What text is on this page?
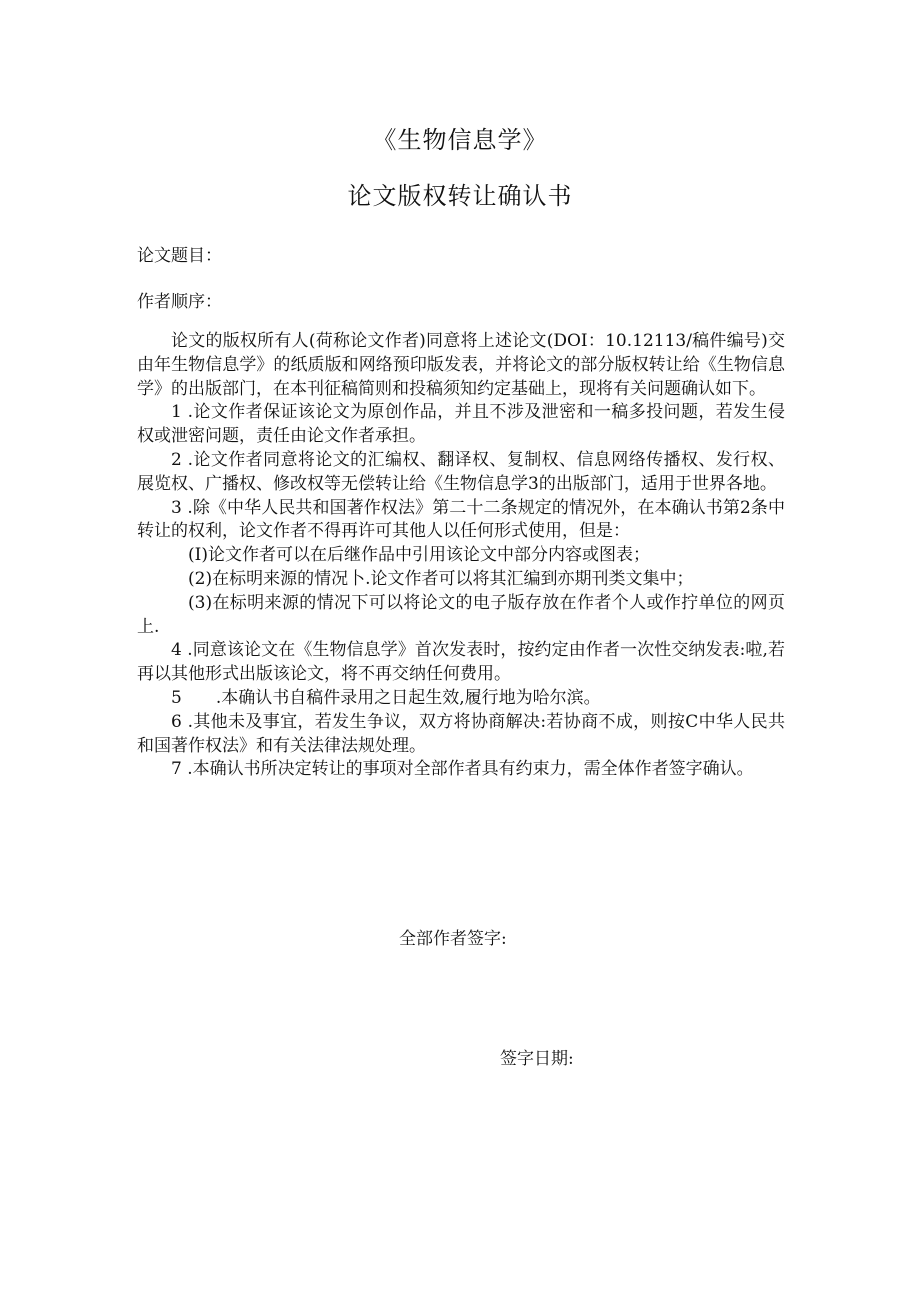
《生物信息学》
论文版权转让确认书
论文题目：
作者顺序：

论文的版权所有人(荷称论文作者)同意将上述论文(DOI：10.12113/稿件编号)交由年生物信息学》的纸质版和网络预印版发表，并将论文的部分版权转让给《生物信息学》的出版部门，在本刊征稿简则和投稿须知约定基础上，现将有关问题确认如下。

1 .论文作者保证该论文为原创作品，并且不涉及泄密和一稿多投问题，若发生侵权或泄密问题，责任由论文作者承担。

2 .论文作者同意将论文的汇编权、翻译权、复制权、信息网络传播权、发行权、展览权、广播权、修改权等无偿转让给《生物信息学3的出版部门，适用于世界各地。

3 .除《中华人民共和国著作权法》第二十二条规定的情况外，在本确认书第2条中转让的权利，论文作者不得再许可其他人以任何形式使用，但是：

(I)论文作者可以在后继作品中引用该论文中部分内容或图表；

(2)在标明来源的情况卜.论文作者可以将其汇编到亦期刊类文集中；

(3)在标明来源的情况下可以将论文的电子版存放在作者个人或作拧单位的网页上.

4 .同意该论文在《生物信息学》首次发表时，按约定由作者一次性交纳发表:啦,若再以其他形式出版该论文，将不再交纳任何费用。

5　　.本确认书自稿件录用之日起生效,履行地为哈尔滨。

6 .其他未及事宜，若发生争议，双方将协商解决:若协商不成，则按C中华人民共和国著作权法》和有关法律法规处理。

7 .本确认书所决定转让的事项对全部作者具有约束力，需全体作者签字确认。

全部作者签字:
签字日期:
